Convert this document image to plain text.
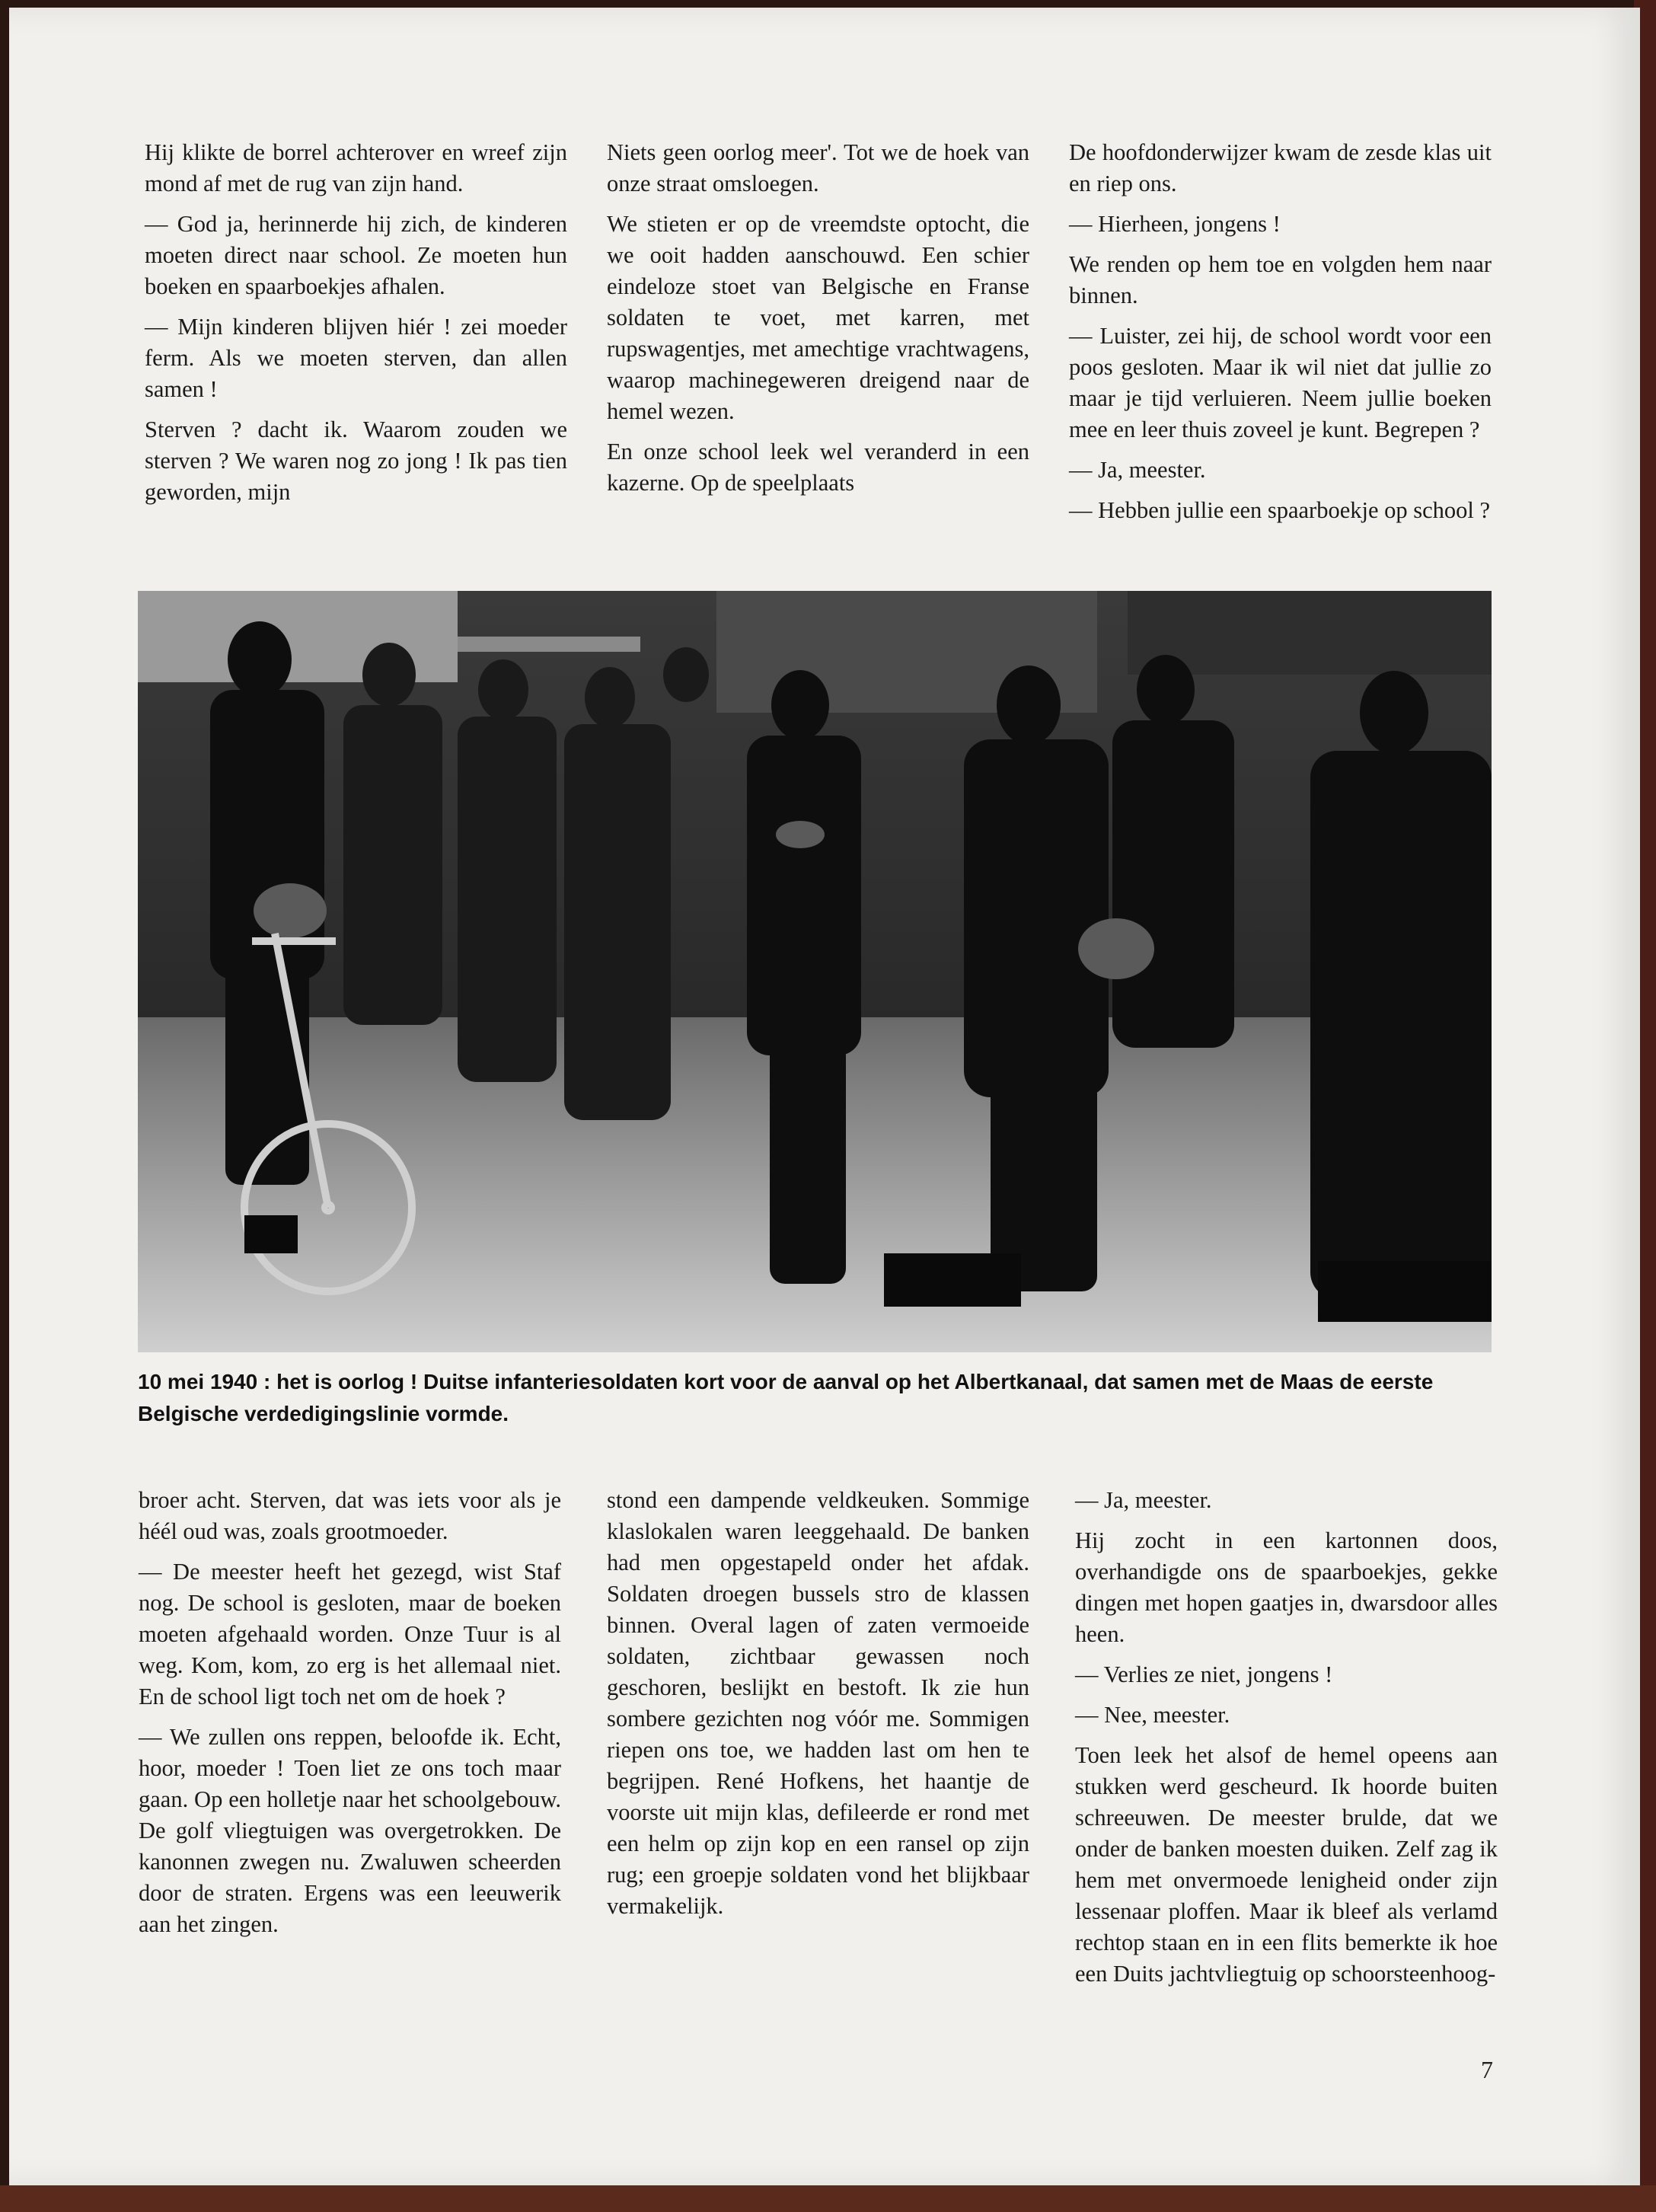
Hij klikte de borrel achterover en wreef zijn mond af met de rug van zijn hand.

— God ja, herinnerde hij zich, de kinderen moeten direct naar school. Ze moeten hun boeken en spaarboekjes afhalen.

— Mijn kinderen blijven hiér ! zei moeder ferm. Als we moeten sterven, dan allen samen !

Sterven ? dacht ik. Waarom zouden we sterven ? We waren nog zo jong ! Ik pas tien geworden, mijn

Niets geen oorlog meer'. Tot we de hoek van onze straat omsloegen.

We stieten er op de vreemdste optocht, die we ooit hadden aanschouwd. Een schier eindeloze stoet van Belgische en Franse soldaten te voet, met karren, met rupswagentjes, met amechtige vrachtwagens, waarop machinegeweren dreigend naar de hemel wezen.

En onze school leek wel veranderd in een kazerne. Op de speelplaats

De hoofdonderwijzer kwam de zesde klas uit en riep ons.

— Hierheen, jongens !

We renden op hem toe en volgden hem naar binnen.

— Luister, zei hij, de school wordt voor een poos gesloten. Maar ik wil niet dat jullie zo maar je tijd verluieren. Neem jullie boeken mee en leer thuis zoveel je kunt. Begrepen ?

— Ja, meester.

— Hebben jullie een spaarboekje op school ?

10 mei 1940 : het is oorlog ! Duitse infanteriesoldaten kort voor de aanval op het Albertkanaal, dat samen met de Maas de eerste Belgische verdedigingslinie vormde.

broer acht. Sterven, dat was iets voor als je héél oud was, zoals grootmoeder.

— De meester heeft het gezegd, wist Staf nog. De school is gesloten, maar de boeken moeten afgehaald worden. Onze Tuur is al weg. Kom, kom, zo erg is het allemaal niet. En de school ligt toch net om de hoek ?

— We zullen ons reppen, beloofde ik. Echt, hoor, moeder ! Toen liet ze ons toch maar gaan. Op een holletje naar het schoolgebouw. De golf vliegtuigen was overgetrokken. De kanonnen zwegen nu. Zwaluwen scheerden door de straten. Ergens was een leeuwerik aan het zingen.

stond een dampende veldkeuken. Sommige klaslokalen waren leeggehaald. De banken had men opgestapeld onder het afdak. Soldaten droegen bussels stro de klassen binnen. Overal lagen of zaten vermoeide soldaten, zichtbaar gewassen noch geschoren, beslijkt en bestoft. Ik zie hun sombere gezichten nog vóór me. Sommigen riepen ons toe, we hadden last om hen te begrijpen. René Hofkens, het haantje de voorste uit mijn klas, defileerde er rond met een helm op zijn kop en een ransel op zijn rug; een groepje soldaten vond het blijkbaar vermakelijk.

— Ja, meester.

Hij zocht in een kartonnen doos, overhandigde ons de spaarboekjes, gekke dingen met hopen gaatjes in, dwarsdoor alles heen.

— Verlies ze niet, jongens !

— Nee, meester.

Toen leek het alsof de hemel opeens aan stukken werd gescheurd. Ik hoorde buiten schreeuwen. De meester brulde, dat we onder de banken moesten duiken. Zelf zag ik hem met onvermoede lenigheid onder zijn lessenaar ploffen. Maar ik bleef als verlamd rechtop staan en in een flits bemerkte ik hoe een Duits jachtvliegtuig op schoorsteenhoog-

7
